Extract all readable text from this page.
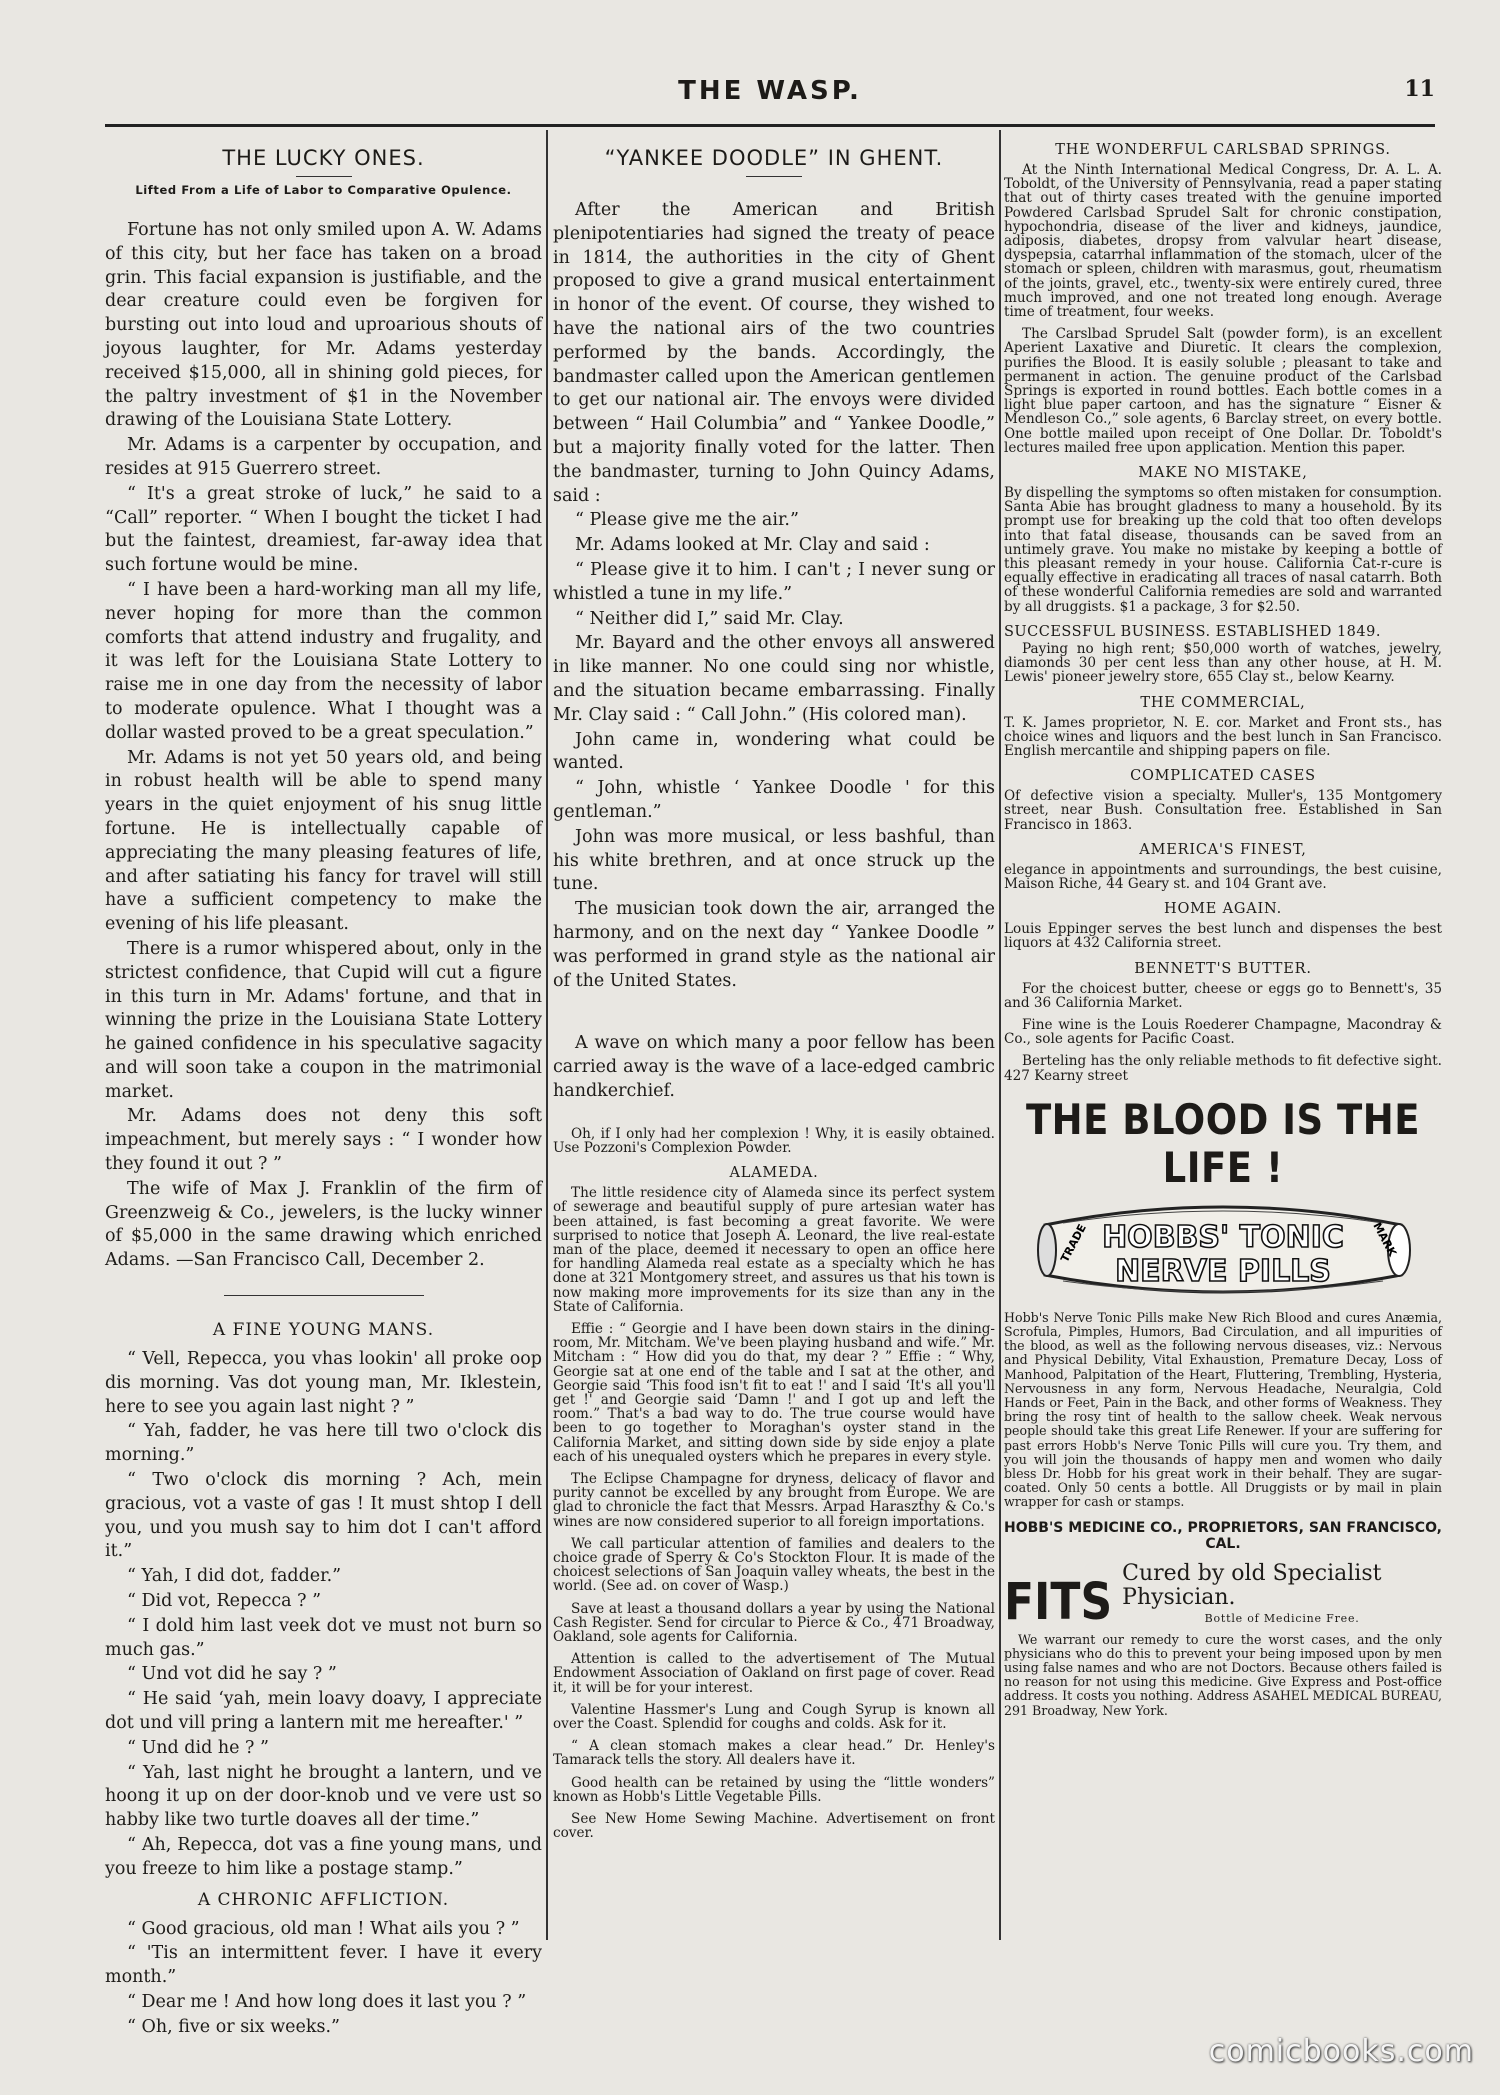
THE WASP.	11
THE LUCKY ONES.
Lifted From a Life of Labor to Comparative Opulence.

Fortune has not only smiled upon A. W. Adams of this city, but her face has taken on a broad grin. This facial expansion is justifiable, and the dear creature could even be forgiven for bursting out into loud and uproarious shouts of joyous laughter, for Mr. Adams yesterday received $15,000, all in shining gold pieces, for the paltry investment of $1 in the November drawing of the Louisiana State Lottery.

Mr. Adams is a carpenter by occupation, and resides at 915 Guerrero street.

“ It's a great stroke of luck,” he said to a “Call” reporter. “ When I bought the ticket I had but the faintest, dreamiest, far-away idea that such fortune would be mine.

“ I have been a hard-working man all my life, never hoping for more than the common comforts that attend industry and frugality, and it was left for the Louisiana State Lottery to raise me in one day from the necessity of labor to moderate opulence. What I thought was a dollar wasted proved to be a great speculation.”

Mr. Adams is not yet 50 years old, and being in robust health will be able to spend many years in the quiet enjoyment of his snug little fortune. He is intellectually capable of appreciating the many pleasing features of life, and after satiating his fancy for travel will still have a sufficient competency to make the evening of his life pleasant.

There is a rumor whispered about, only in the strictest confidence, that Cupid will cut a figure in this turn in Mr. Adams' fortune, and that in winning the prize in the Louisiana State Lottery he gained confidence in his speculative sagacity and will soon take a coupon in the matrimonial market.

Mr. Adams does not deny this soft impeachment, but merely says : “ I wonder how they found it out ? ”

The wife of Max J. Franklin of the firm of Greenzweig & Co., jewelers, is the lucky winner of $5,000 in the same drawing which enriched Adams. —San Francisco Call, December 2.

A FINE YOUNG MANS.

“ Vell, Repecca, you vhas lookin' all proke oop dis morning. Vas dot young man, Mr. Iklestein, here to see you again last night ? ”

“ Yah, fadder, he vas here till two o'clock dis morning.”

“ Two o'clock dis morning ? Ach, mein gracious, vot a vaste of gas ! It must shtop I dell you, und you mush say to him dot I can't afford it.”

“ Yah, I did dot, fadder.”

“ Did vot, Repecca ? ”

“ I dold him last veek dot ve must not burn so much gas.”

“ Und vot did he say ? ”

“ He said ‘yah, mein loavy doavy, I appreciate dot und vill pring a lantern mit me hereafter.' ”

“ Und did he ? ”

“ Yah, last night he brought a lantern, und ve hoong it up on der door-knob und ve vere ust so habby like two turtle doaves all der time.”

“ Ah, Repecca, dot vas a fine young mans, und you freeze to him like a postage stamp.”

A CHRONIC AFFLICTION.

“ Good gracious, old man ! What ails you ? ”

“ 'Tis an intermittent fever. I have it every month.”

“ Dear me ! And how long does it last you ? ”

“ Oh, five or six weeks.”

“YANKEE DOODLE” IN GHENT.

After the American and British plenipotentiaries had signed the treaty of peace in 1814, the authorities in the city of Ghent proposed to give a grand musical entertainment in honor of the event. Of course, they wished to have the national airs of the two countries performed by the bands. Accordingly, the bandmaster called upon the American gentlemen to get our national air. The envoys were divided between “ Hail Columbia” and “ Yankee Doodle,” but a majority finally voted for the latter. Then the bandmaster, turning to John Quincy Adams, said :

“ Please give me the air.”

Mr. Adams looked at Mr. Clay and said :

“ Please give it to him. I can't ; I never sung or whistled a tune in my life.”

“ Neither did I,” said Mr. Clay.

Mr. Bayard and the other envoys all answered in like manner. No one could sing nor whistle, and the situation became embarrassing. Finally Mr. Clay said : “ Call John.” (His colored man).

John came in, wondering what could be wanted.

“ John, whistle ‘ Yankee Doodle ' for this gentleman.”

John was more musical, or less bashful, than his white brethren, and at once struck up the tune.

The musician took down the air, arranged the harmony, and on the next day “ Yankee Doodle ” was performed in grand style as the national air of the United States.

A wave on which many a poor fellow has been carried away is the wave of a lace-edged cambric handkerchief.

Oh, if I only had her complexion ! Why, it is easily obtained. Use Pozzoni's Complexion Powder.

ALAMEDA.

The little residence city of Alameda since its perfect system of sewerage and beautiful supply of pure artesian water has been attained, is fast becoming a great favorite. We were surprised to notice that Joseph A. Leonard, the live real-estate man of the place, deemed it necessary to open an office here for handling Alameda real estate as a specialty which he has done at 321 Montgomery street, and assures us that his town is now making more improvements for its size than any in the State of California.

Effie : “ Georgie and I have been down stairs in the dining-room, Mr. Mitcham. We've been playing husband and wife.” Mr. Mitcham : “ How did you do that, my dear ? ” Effie : “ Why, Georgie sat at one end of the table and I sat at the other, and Georgie said ‘This food isn't fit to eat !' and I said ‘It's all you'll get !' and Georgie said ‘Damn !' and I got up and left the room.” That's a bad way to do. The true course would have been to go together to Moraghan's oyster stand in the California Market, and sitting down side by side enjoy a plate each of his unequaled oysters which he prepares in every style.

The Eclipse Champagne for dryness, delicacy of flavor and purity cannot be excelled by any brought from Europe. We are glad to chronicle the fact that Messrs. Arpad Haraszthy & Co.'s wines are now considered superior to all foreign importations.

We call particular attention of families and dealers to the choice grade of Sperry & Co's Stockton Flour. It is made of the choicest selections of San Joaquin valley wheats, the best in the world. (See ad. on cover of Wasp.)

Save at least a thousand dollars a year by using the National Cash Register. Send for circular to Pierce & Co., 471 Broadway, Oakland, sole agents for California.

Attention is called to the advertisement of The Mutual Endowment Association of Oakland on first page of cover. Read it, it will be for your interest.

Valentine Hassmer's Lung and Cough Syrup is known all over the Coast. Splendid for coughs and colds. Ask for it.

“ A clean stomach makes a clear head.” Dr. Henley's Tamarack tells the story. All dealers have it.

Good health can be retained by using the “little wonders” known as Hobb's Little Vegetable Pills.

See New Home Sewing Machine. Advertisement on front cover.

THE WONDERFUL CARLSBAD SPRINGS.

At the Ninth International Medical Congress, Dr. A. L. A. Toboldt, of the University of Pennsylvania, read a paper stating that out of thirty cases treated with the genuine imported Powdered Carlsbad Sprudel Salt for chronic constipation, hypochondria, disease of the liver and kidneys, jaundice, adiposis, diabetes, dropsy from valvular heart disease, dyspepsia, catarrhal inflammation of the stomach, ulcer of the stomach or spleen, children with marasmus, gout, rheumatism of the joints, gravel, etc., twenty-six were entirely cured, three much improved, and one not treated long enough. Average time of treatment, four weeks.

The Carslbad Sprudel Salt (powder form), is an excellent Aperient Laxative and Diuretic. It clears the complexion, purifies the Blood. It is easily soluble ; pleasant to take and permanent in action. The genuine product of the Carlsbad Springs is exported in round bottles. Each bottle comes in a light blue paper cartoon, and has the signature “ Eisner & Mendleson Co.,” sole agents, 6 Barclay street, on every bottle. One bottle mailed upon receipt of One Dollar. Dr. Toboldt's lectures mailed free upon application. Mention this paper.

MAKE NO MISTAKE,

By dispelling the symptoms so often mistaken for consumption. Santa Abie has brought gladness to many a household. By its prompt use for breaking up the cold that too often develops into that fatal disease, thousands can be saved from an untimely grave. You make no mistake by keeping a bottle of this pleasant remedy in your house. California Cat-r-cure is equally effective in eradicating all traces of nasal catarrh. Both of these wonderful California remedies are sold and warranted by all druggists. $1 a package, 3 for $2.50.

SUCCESSFUL BUSINESS. ESTABLISHED 1849.

Paying no high rent; $50,000 worth of watches, jewelry, diamonds 30 per cent less than any other house, at H. M. Lewis' pioneer jewelry store, 655 Clay st., below Kearny.

THE COMMERCIAL,

T. K. James proprietor, N. E. cor. Market and Front sts., has choice wines and liquors and the best lunch in San Francisco. English mercantile and shipping papers on file.

COMPLICATED CASES

Of defective vision a specialty. Muller's, 135 Montgomery street, near Bush. Consultation free. Established in San Francisco in 1863.

AMERICA'S FINEST,

elegance in appointments and surroundings, the best cuisine, Maison Riche, 44 Geary st. and 104 Grant ave.

HOME AGAIN.

Louis Eppinger serves the best lunch and dispenses the best liquors at 432 California street.

BENNETT'S BUTTER.

For the choicest butter, cheese or eggs go to Bennett's, 35 and 36 California Market.

Fine wine is the Louis Roederer Champagne, Macondray & Co., sole agents for Pacific Coast.

Berteling has the only reliable methods to fit defective sight. 427 Kearny street

THE BLOOD IS THE LIFE !
TRADE	MARK
HOBBS' TONIC
NERVE PILLS

Hobb's Nerve Tonic Pills make New Rich Blood and cures Anæmia, Scrofula, Pimples, Humors, Bad Circulation, and all impurities of the blood, as well as the following nervous diseases, viz.: Nervous and Physical Debility, Vital Exhaustion, Premature Decay, Loss of Manhood, Palpitation of the Heart, Fluttering, Trembling, Hysteria, Nervousness in any form, Nervous Headache, Neuralgia, Cold Hands or Feet, Pain in the Back, and other forms of Weakness. They bring the rosy tint of health to the sallow cheek. Weak nervous people should take this great Life Renewer. If your are suffering for past errors Hobb's Nerve Tonic Pills will cure you. Try them, and you will join the thousands of happy men and women who daily bless Dr. Hobb for his great work in their behalf. They are sugar-coated. Only 50 cents a bottle. All Druggists or by mail in plain wrapper for cash or stamps.

HOBB'S MEDICINE CO., PROPRIETORS, SAN FRANCISCO, CAL.
FITS Cured by old Specialist Physician.
Bottle of Medicine Free.

We warrant our remedy to cure the worst cases, and the only physicians who do this to prevent your being imposed upon by men using false names and who are not Doctors. Because others failed is no reason for not using this medicine. Give Express and Post-office address. It costs you nothing. Address ASAHEL MEDICAL BUREAU, 291 Broadway, New York.

comicbooks.com
